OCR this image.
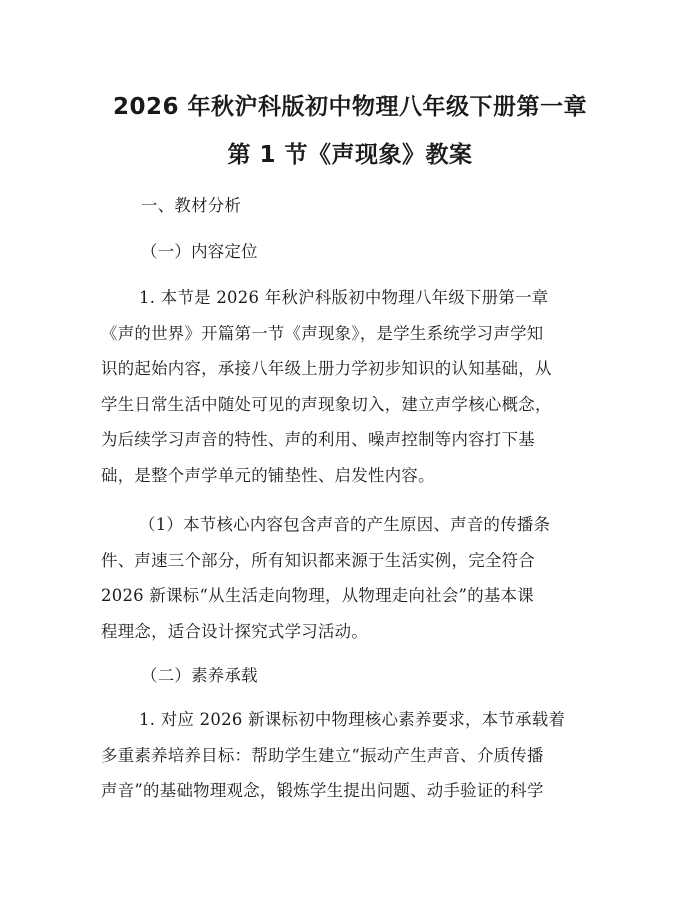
2026 年秋沪科版初中物理八年级下册第一章
第 1 节《声现象》教案
一、教材分析
（一）内容定位
1. 本节是 2026 年秋沪科版初中物理八年级下册第一章
《声的世界》开篇第一节《声现象》，是学生系统学习声学知
识的起始内容，承接八年级上册力学初步知识的认知基础，从
学生日常生活中随处可见的声现象切入，建立声学核心概念，
为后续学习声音的特性、声的利用、噪声控制等内容打下基
础，是整个声学单元的铺垫性、启发性内容。
（1）本节核心内容包含声音的产生原因、声音的传播条
件、声速三个部分，所有知识都来源于生活实例，完全符合
2026 新课标“从生活走向物理，从物理走向社会”的基本课
程理念，适合设计探究式学习活动。
（二）素养承载
1. 对应 2026 新课标初中物理核心素养要求，本节承载着
多重素养培养目标：帮助学生建立“振动产生声音、介质传播
声音”的基础物理观念，锻炼学生提出问题、动手验证的科学
